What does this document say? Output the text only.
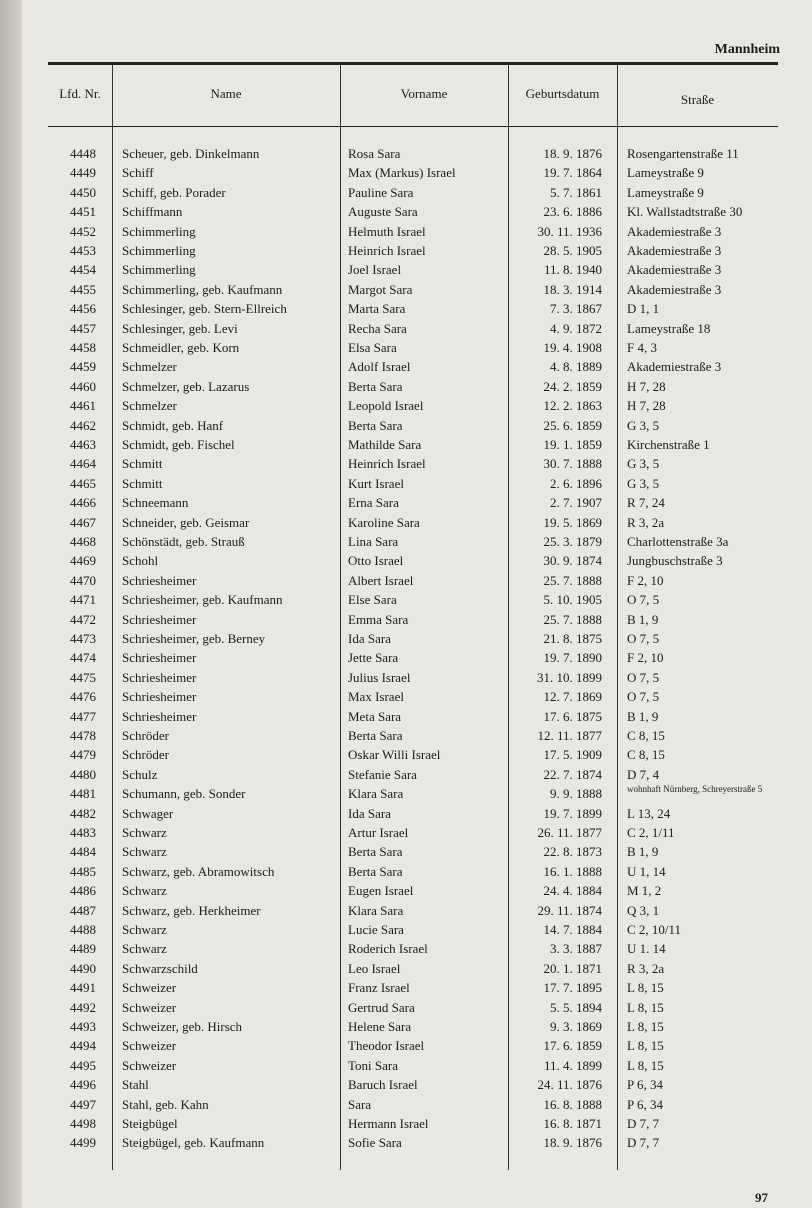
Mannheim
Lfd. Nr.	Name	Vorname	Geburtsdatum	Straße
4448 Scheuer, geb. Dinkelmann	Rosa Sara	18. 9. 1876 Rosengartenstraße 11
4449 Schiff	Max (Markus) Israel	19. 7. 1864 Lameystraße 9
4450 Schiff, geb. Porader	Pauline Sara	5. 7. 1861 Lameystraße 9
4451 Schiffmann	Auguste Sara	23. 6. 1886 Kl. Wallstadtstraße 30
4452 Schimmerling	Helmuth Israel	30. 11. 1936 Akademiestraße 3
4453 Schimmerling	Heinrich Israel	28. 5. 1905 Akademiestraße 3
4454 Schimmerling	Joel Israel	11. 8. 1940 Akademiestraße 3
4455 Schimmerling, geb. Kaufmann	Margot Sara	18. 3. 1914 Akademiestraße 3
4456 Schlesinger, geb. Stern-Ellreich	Marta Sara	7. 3. 1867 D 1, 1
4457 Schlesinger, geb. Levi	Recha Sara	4. 9. 1872 Lameystraße 18
4458 Schmeidler, geb. Korn	Elsa Sara	19. 4. 1908 F 4, 3
4459 Schmelzer	Adolf Israel	4. 8. 1889 Akademiestraße 3
4460 Schmelzer, geb. Lazarus	Berta Sara	24. 2. 1859 H 7, 28
4461 Schmelzer	Leopold Israel	12. 2. 1863 H 7, 28
4462 Schmidt, geb. Hanf	Berta Sara	25. 6. 1859 G 3, 5
4463 Schmidt, geb. Fischel	Mathilde Sara	19. 1. 1859 Kirchenstraße 1
4464 Schmitt	Heinrich Israel	30. 7. 1888 G 3, 5
4465 Schmitt	Kurt Israel	2. 6. 1896 G 3, 5
4466 Schneemann	Erna Sara	2. 7. 1907 R 7, 24
4467 Schneider, geb. Geismar	Karoline Sara	19. 5. 1869 R 3, 2a
4468 Schönstädt, geb. Strauß	Lina Sara	25. 3. 1879 Charlottenstraße 3a
4469 Schohl	Otto Israel	30. 9. 1874 Jungbuschstraße 3
4470 Schriesheimer	Albert Israel	25. 7. 1888 F 2, 10
4471 Schriesheimer, geb. Kaufmann	Else Sara	5. 10. 1905 O 7, 5
4472 Schriesheimer	Emma Sara	25. 7. 1888 B 1, 9
4473 Schriesheimer, geb. Berney	Ida Sara	21. 8. 1875 O 7, 5
4474 Schriesheimer	Jette Sara	19. 7. 1890 F 2, 10
4475 Schriesheimer	Julius Israel	31. 10. 1899 O 7, 5
4476 Schriesheimer	Max Israel	12. 7. 1869 O 7, 5
4477 Schriesheimer	Meta Sara	17. 6. 1875 B 1, 9
4478 Schröder	Berta Sara	12. 11. 1877 C 8, 15
4479 Schröder	Oskar Willi Israel	17. 5. 1909 C 8, 15
4480 Schulz	Stefanie Sara	22. 7. 1874 D 7, 4
4481 Schumann, geb. Sonder	Klara Sara	9. 9. 1888	wohnhaft Nürnberg, Schreyerstraße 5
4482 Schwager	Ida Sara	19. 7. 1899 L 13, 24
4483 Schwarz	Artur Israel	26. 11. 1877 C 2, 1/11
4484 Schwarz	Berta Sara	22. 8. 1873 B 1, 9
4485 Schwarz, geb. Abramowitsch	Berta Sara	16. 1. 1888 U 1, 14
4486 Schwarz	Eugen Israel	24. 4. 1884 M 1, 2
4487 Schwarz, geb. Herkheimer	Klara Sara	29. 11. 1874 Q 3, 1
4488 Schwarz	Lucie Sara	14. 7. 1884 C 2, 10/11
4489 Schwarz	Roderich Israel	3. 3. 1887 U 1. 14
4490 Schwarzschild	Leo Israel	20. 1. 1871 R 3, 2a
4491 Schweizer	Franz Israel	17. 7. 1895 L 8, 15
4492 Schweizer	Gertrud Sara	5. 5. 1894 L 8, 15
4493 Schweizer, geb. Hirsch	Helene Sara	9. 3. 1869 L 8, 15
4494 Schweizer	Theodor Israel	17. 6. 1859 L 8, 15
4495 Schweizer	Toni Sara	11. 4. 1899 L 8, 15
4496 Stahl	Baruch Israel	24. 11. 1876 P 6, 34
4497 Stahl, geb. Kahn	Sara	16. 8. 1888 P 6, 34
4498 Steigbügel	Hermann Israel	16. 8. 1871 D 7, 7
4499 Steigbügel, geb. Kaufmann	Sofie Sara	18. 9. 1876 D 7, 7
97
